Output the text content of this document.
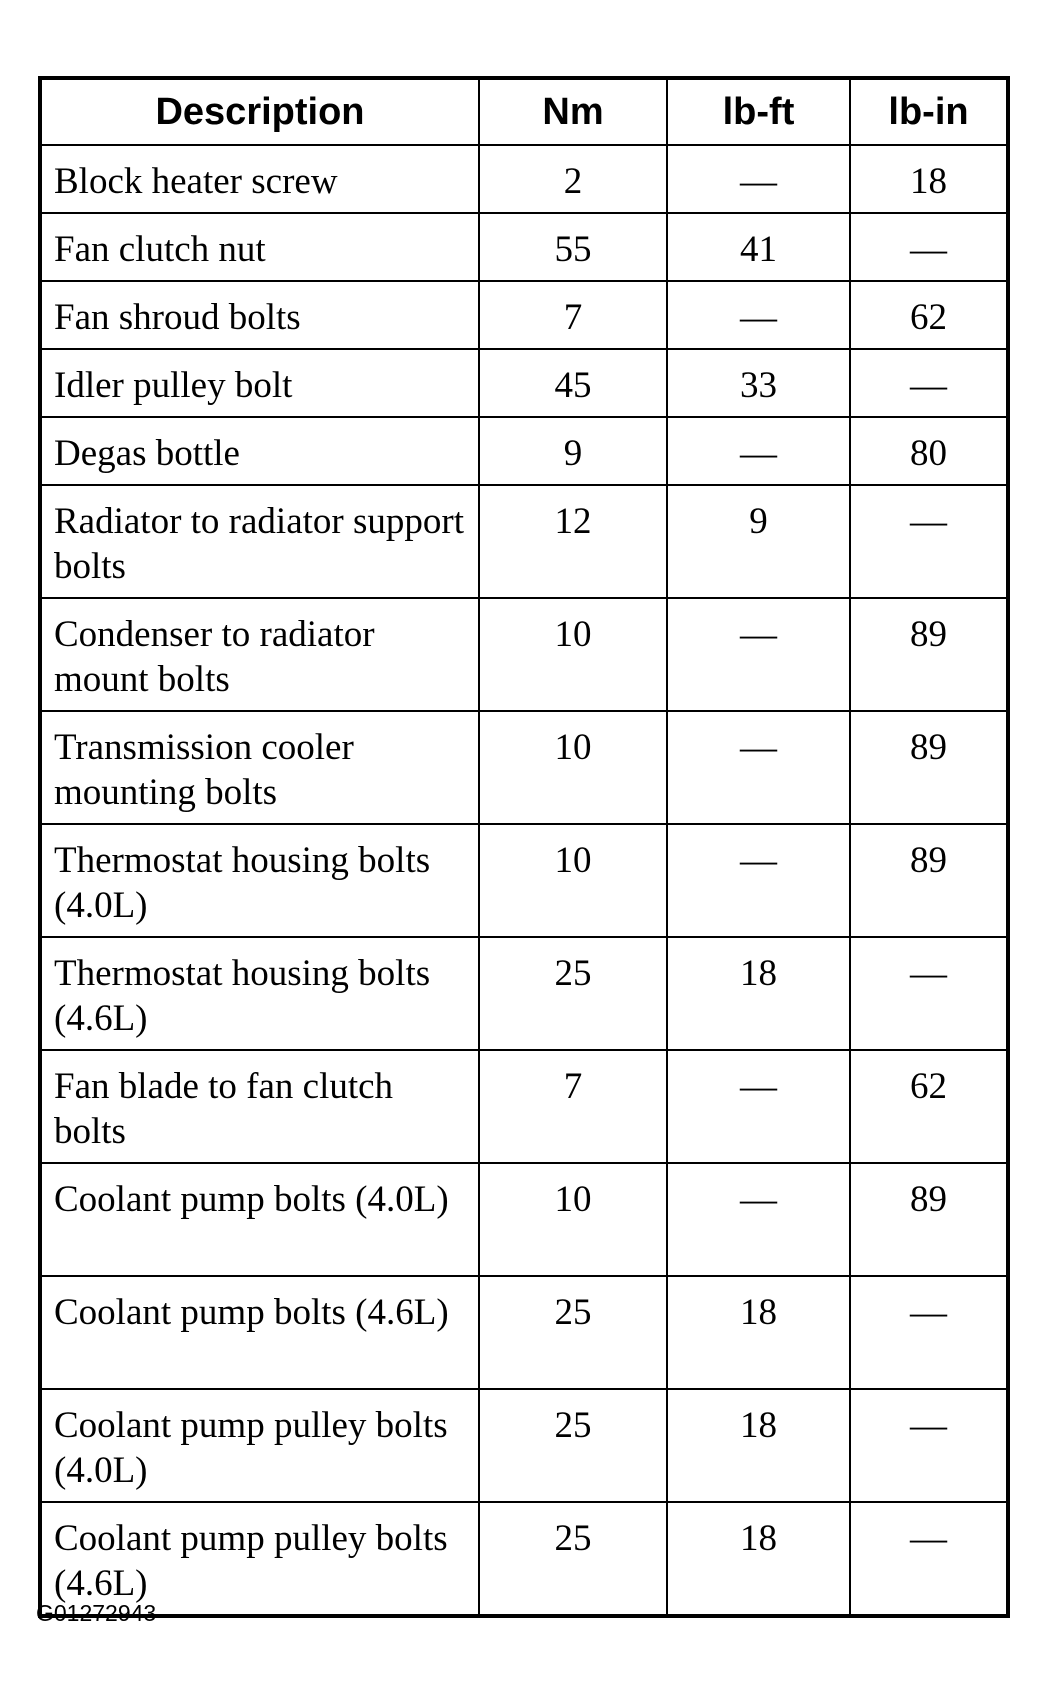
Description	Nm	lb-ft	lb-in
Block heater screw	2	—	18
Fan clutch nut	55	41	—
Fan shroud bolts	7	—	62
Idler pulley bolt	45	33	—
Degas bottle	9	—	80
Radiator to radiator support bolts	12	9	—
Condenser to radiator mount bolts	10	—	89
Transmission cooler mounting bolts	10	—	89
Thermostat housing bolts (4.0L)	10	—	89
Thermostat housing bolts (4.6L)	25	18	—
Fan blade to fan clutch bolts	7	—	62
Coolant pump bolts (4.0L)	10	—	89
Coolant pump bolts (4.6L)	25	18	—
Coolant pump pulley bolts (4.0L)	25	18	—
Coolant pump pulley bolts (4.6L)	25	18	—
G01272943
